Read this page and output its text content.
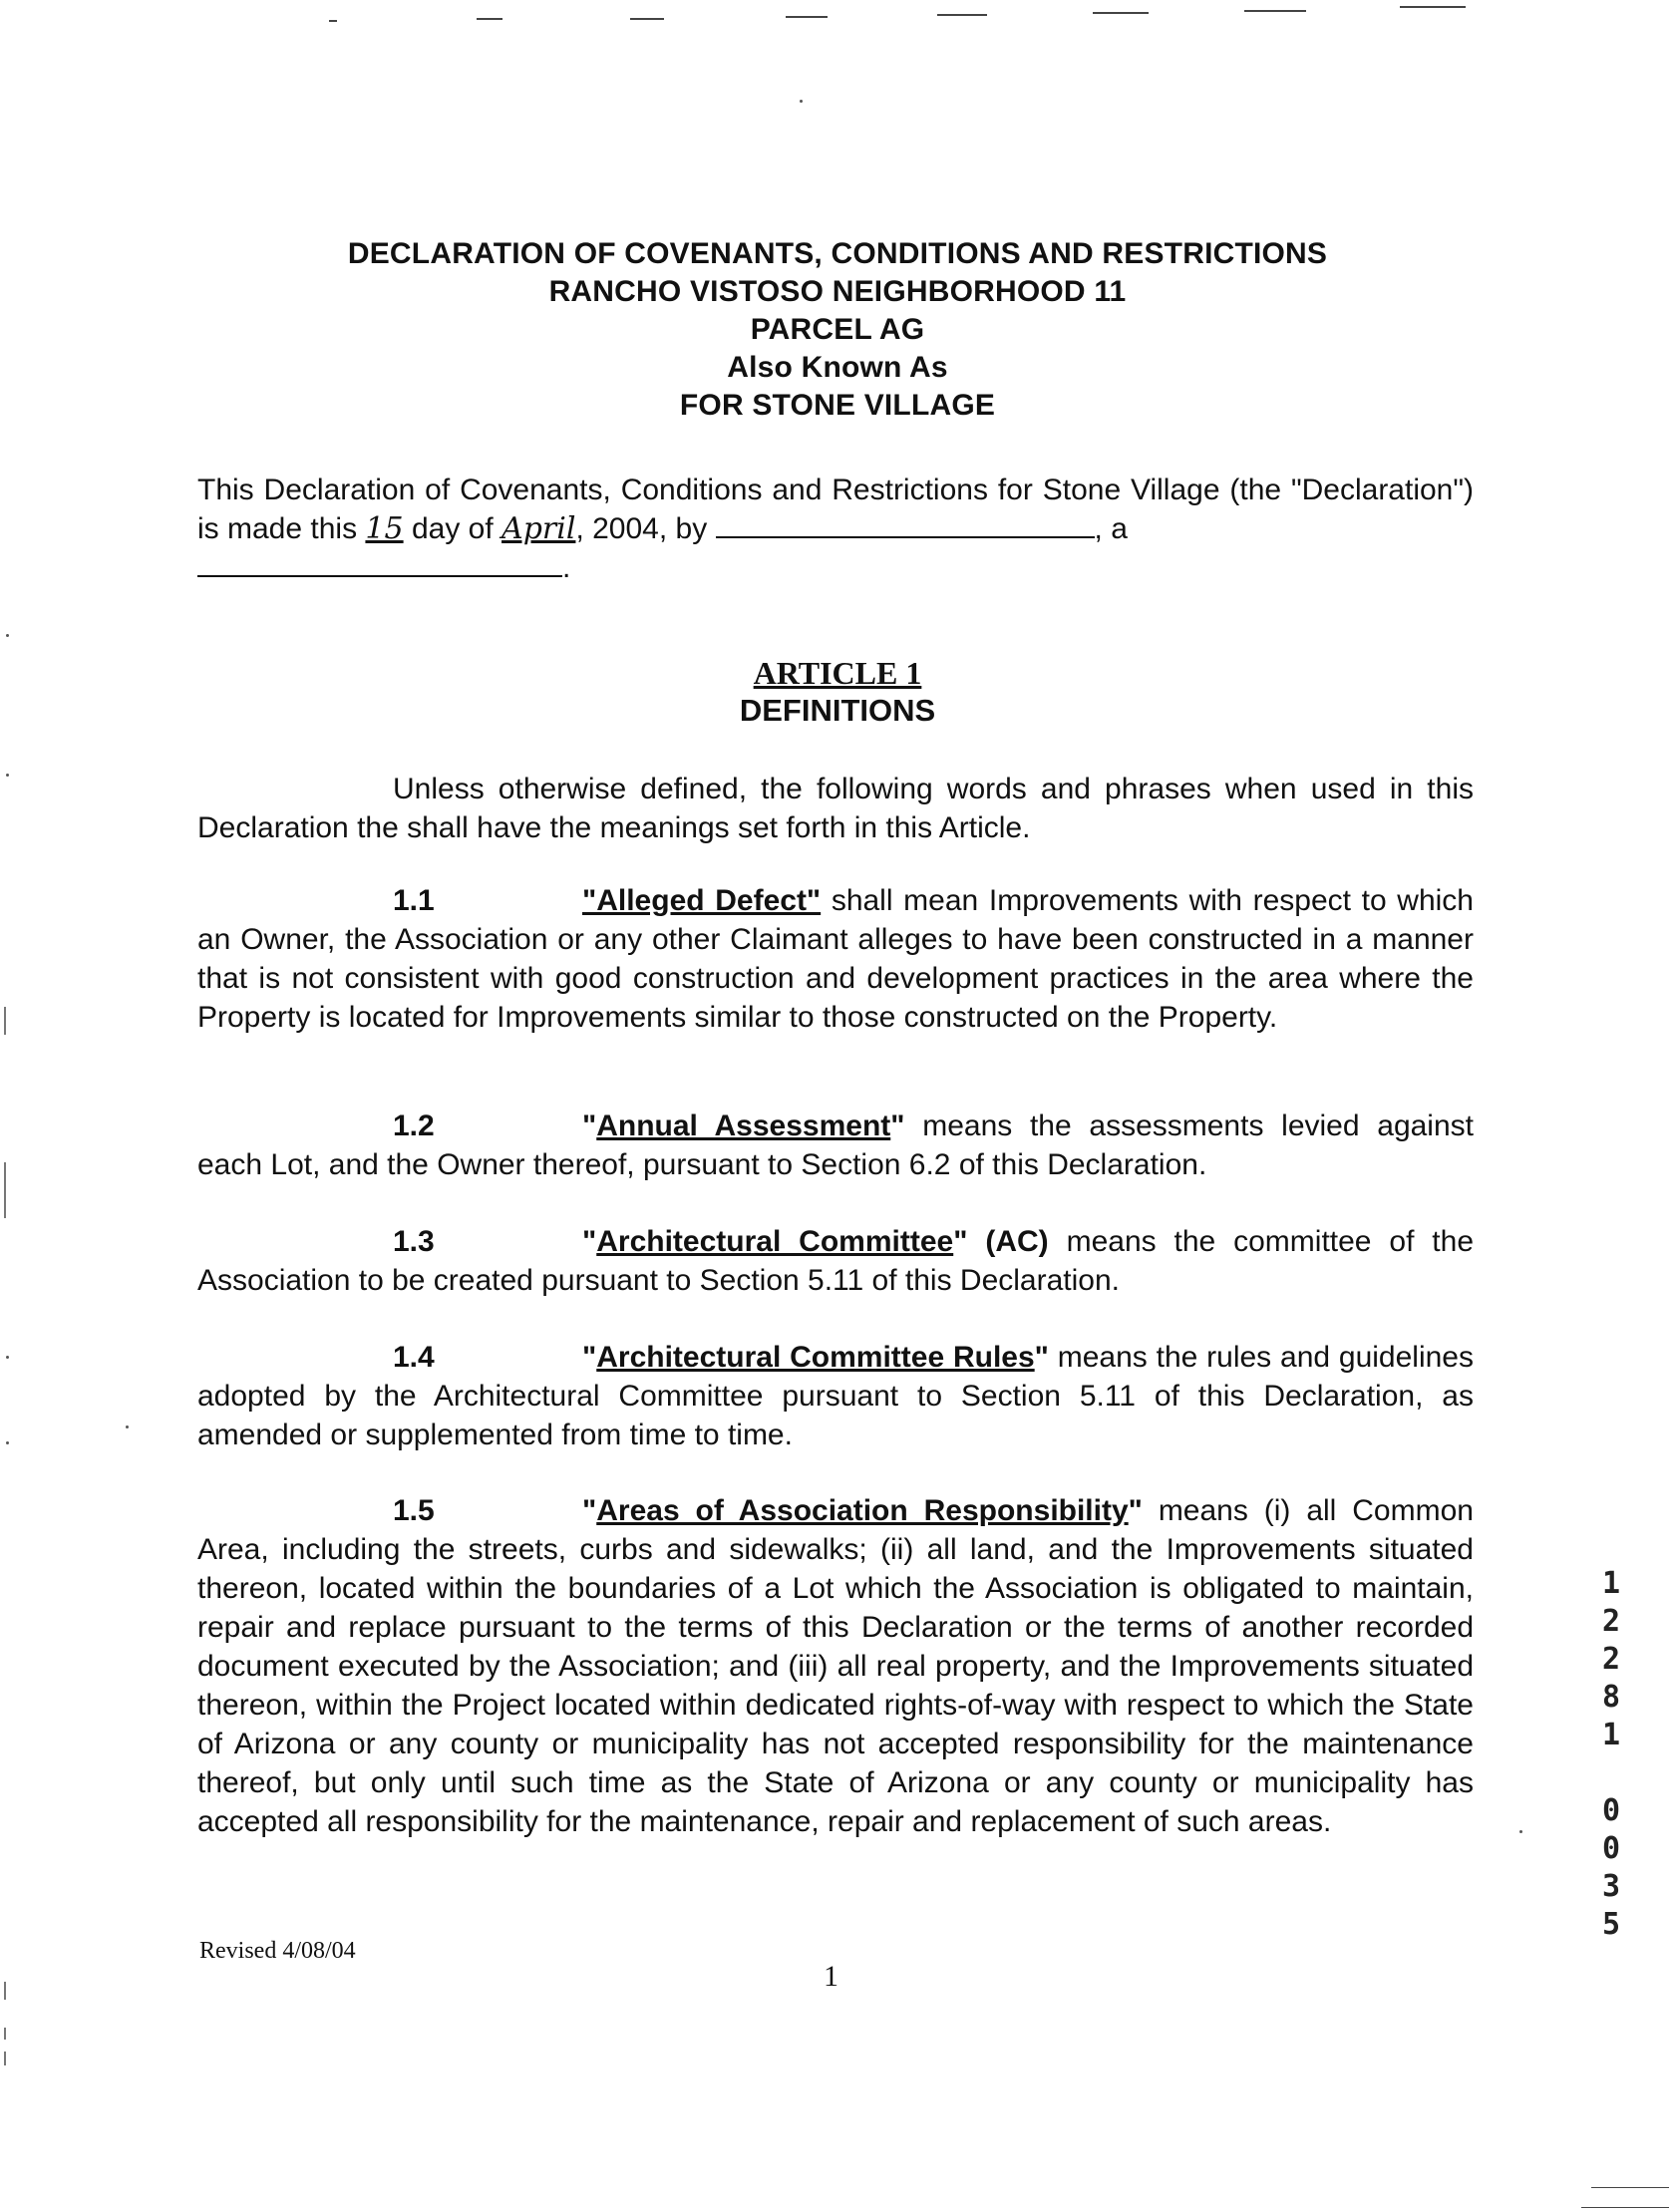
DECLARATION OF COVENANTS, CONDITIONS AND RESTRICTIONS
RANCHO VISTOSO NEIGHBORHOOD 11
PARCEL AG
Also Known As
FOR STONE VILLAGE
This Declaration of Covenants, Conditions and Restrictions for Stone Village (the "Declaration") is made this 15 day of April, 2004, by	, a
.
ARTICLE 1
DEFINITIONS
Unless otherwise defined, the following words and phrases when used in this Declaration the shall have the meanings set forth in this Article.
1.1	"Alleged Defect" shall mean Improvements with respect to which an Owner, the Association or any other Claimant alleges to have been constructed in a manner that is not consistent with good construction and development practices in the area where the Property is located for Improvements similar to those constructed on the Property.
1.2	"Annual Assessment" means the assessments levied against each Lot, and the Owner thereof, pursuant to Section 6.2 of this Declaration.
1.3	"Architectural Committee" (AC) means the committee of the Association to be created pursuant to Section 5.11 of this Declaration.
1.4	"Architectural Committee Rules" means the rules and guidelines adopted by the Architectural Committee pursuant to Section 5.11 of this Declaration, as amended or supplemented from time to time.
1.5	"Areas of Association Responsibility" means (i) all Common Area, including the streets, curbs and sidewalks; (ii) all land, and the Improvements situated thereon, located within the boundaries of a Lot which the Association is obligated to maintain, repair and replace pursuant to the terms of this Declaration or the terms of another recorded document executed by the Association; and (iii) all real property, and the Improvements situated thereon, within the Project located within dedicated rights-of-way with respect to which the State of Arizona or any county or municipality has not accepted responsibility for the maintenance thereof, but only until such time as the State of Arizona or any county or municipality has accepted all responsibility for the maintenance, repair and replacement of such areas.
Revised 4/08/04
1
1
2
2
8
1
0
0
3
5
